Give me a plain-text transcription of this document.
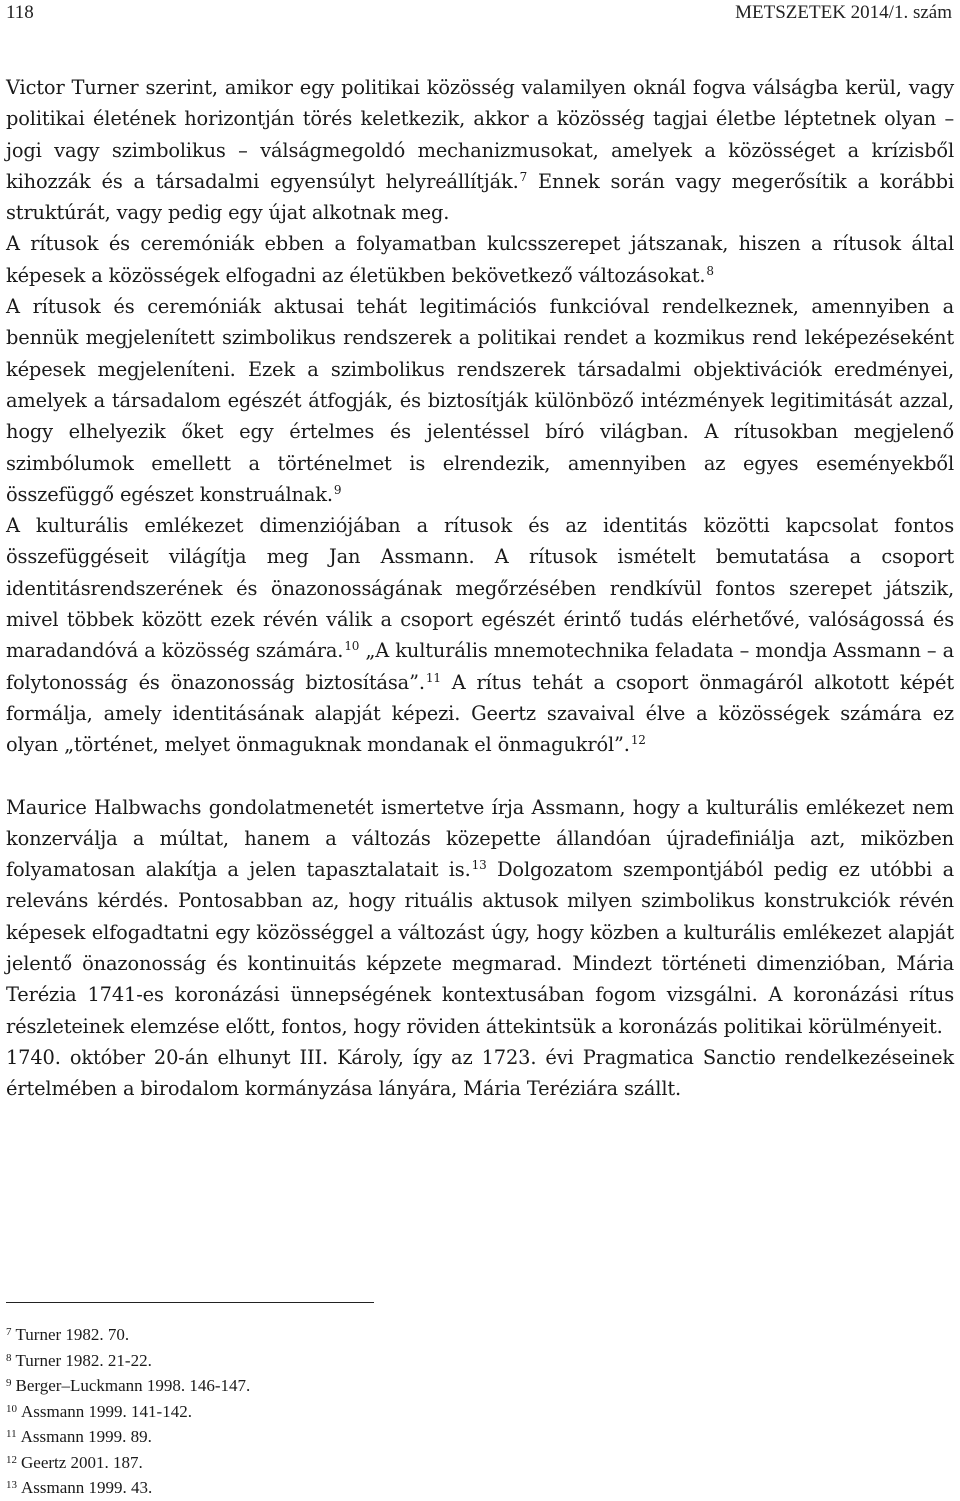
118	METSZETEK 2014/1. szám

Victor Turner szerint, amikor egy politikai közösség valamilyen oknál fogva válságba kerül, vagy politikai életének horizontján törés keletkezik, akkor a közösség tagjai életbe léptetnek olyan – jogi vagy szimbolikus – válságmegoldó mechanizmusokat, amelyek a közösséget a krízisből kihozzák és a társadalmi egyensúlyt helyreállítják.$^7$ Ennek során vagy megerősítik a korábbi struktúrát, vagy pedig egy újat alkotnak meg.

A rítusok és ceremóniák ebben a folyamatban kulcsszerepet játszanak, hiszen a rítusok által képesek a közösségek elfogadni az életükben bekövetkező változásokat.$^8$

A rítusok és ceremóniák aktusai tehát legitimációs funkcióval rendelkeznek, amennyiben a bennük megjelenített szimbolikus rendszerek a politikai rendet a kozmikus rend leképezéseként képesek megjeleníteni. Ezek a szimbolikus rendszerek társadalmi objektivációk eredményei, amelyek a társadalom egészét átfogják, és biztosítják különböző intézmények legitimitását azzal, hogy elhelyezik őket egy értelmes és jelentéssel bíró világban. A rítusokban megjelenő szimbólumok emellett a történelmet is elrendezik, amennyiben az egyes eseményekből összefüggő egészet konstruálnak.$^9$

A kulturális emlékezet dimenziójában a rítusok és az identitás közötti kapcsolat fontos összefüggéseit világítja meg Jan Assmann. A rítusok ismételt bemutatása a csoport identitásrendszerének és önazonosságának megőrzésében rendkívül fontos szerepet játszik, mivel többek között ezek révén válik a csoport egészét érintő tudás elérhetővé, valóságossá és maradandóvá a közösség számára.$^{10}$ „A kulturális mnemotechnika feladata – mondja Assmann – a folytonosság és önazonosság biztosítása”.$^{11}$ A rítus tehát a csoport önmagáról alkotott képét formálja, amely identitásának alapját képezi. Geertz szavaival élve a közösségek számára ez olyan „történet, melyet önmaguknak mondanak el önmagukról”.$^{12}$

Maurice Halbwachs gondolatmenetét ismertetve írja Assmann, hogy a kulturális emlékezet nem konzerválja a múltat, hanem a változás közepette állandóan újradefiniálja azt, miközben folyamatosan alakítja a jelen tapasztalatait is.$^{13}$ Dolgozatom szempontjából pedig ez utóbbi a releváns kérdés. Pontosabban az, hogy rituális aktusok milyen szimbolikus konstrukciók révén képesek elfogadtatni egy közösséggel a változást úgy, hogy közben a kulturális emlékezet alapját jelentő önazonosság és kontinuitás képzete megmarad. Mindezt történeti dimenzióban, Mária Terézia 1741-es koronázási ünnepségének kontextusában fogom vizsgálni. A koronázási rítus részleteinek elemzése előtt, fontos, hogy röviden áttekintsük a koronázás politikai körülményeit.

1740. október 20-án elhunyt III. Károly, így az 1723. évi Pragmatica Sanctio rendelkezéseinek értelmében a birodalom kormányzása lányára, Mária Teréziára szállt.

$^7$ Turner 1982. 70.
$^8$ Turner 1982. 21-22.
$^9$ Berger–Luckmann 1998. 146-147.
$^{10}$ Assmann 1999. 141-142.
$^{11}$ Assmann 1999. 89.
$^{12}$ Geertz 2001. 187.
$^{13}$ Assmann 1999. 43.
